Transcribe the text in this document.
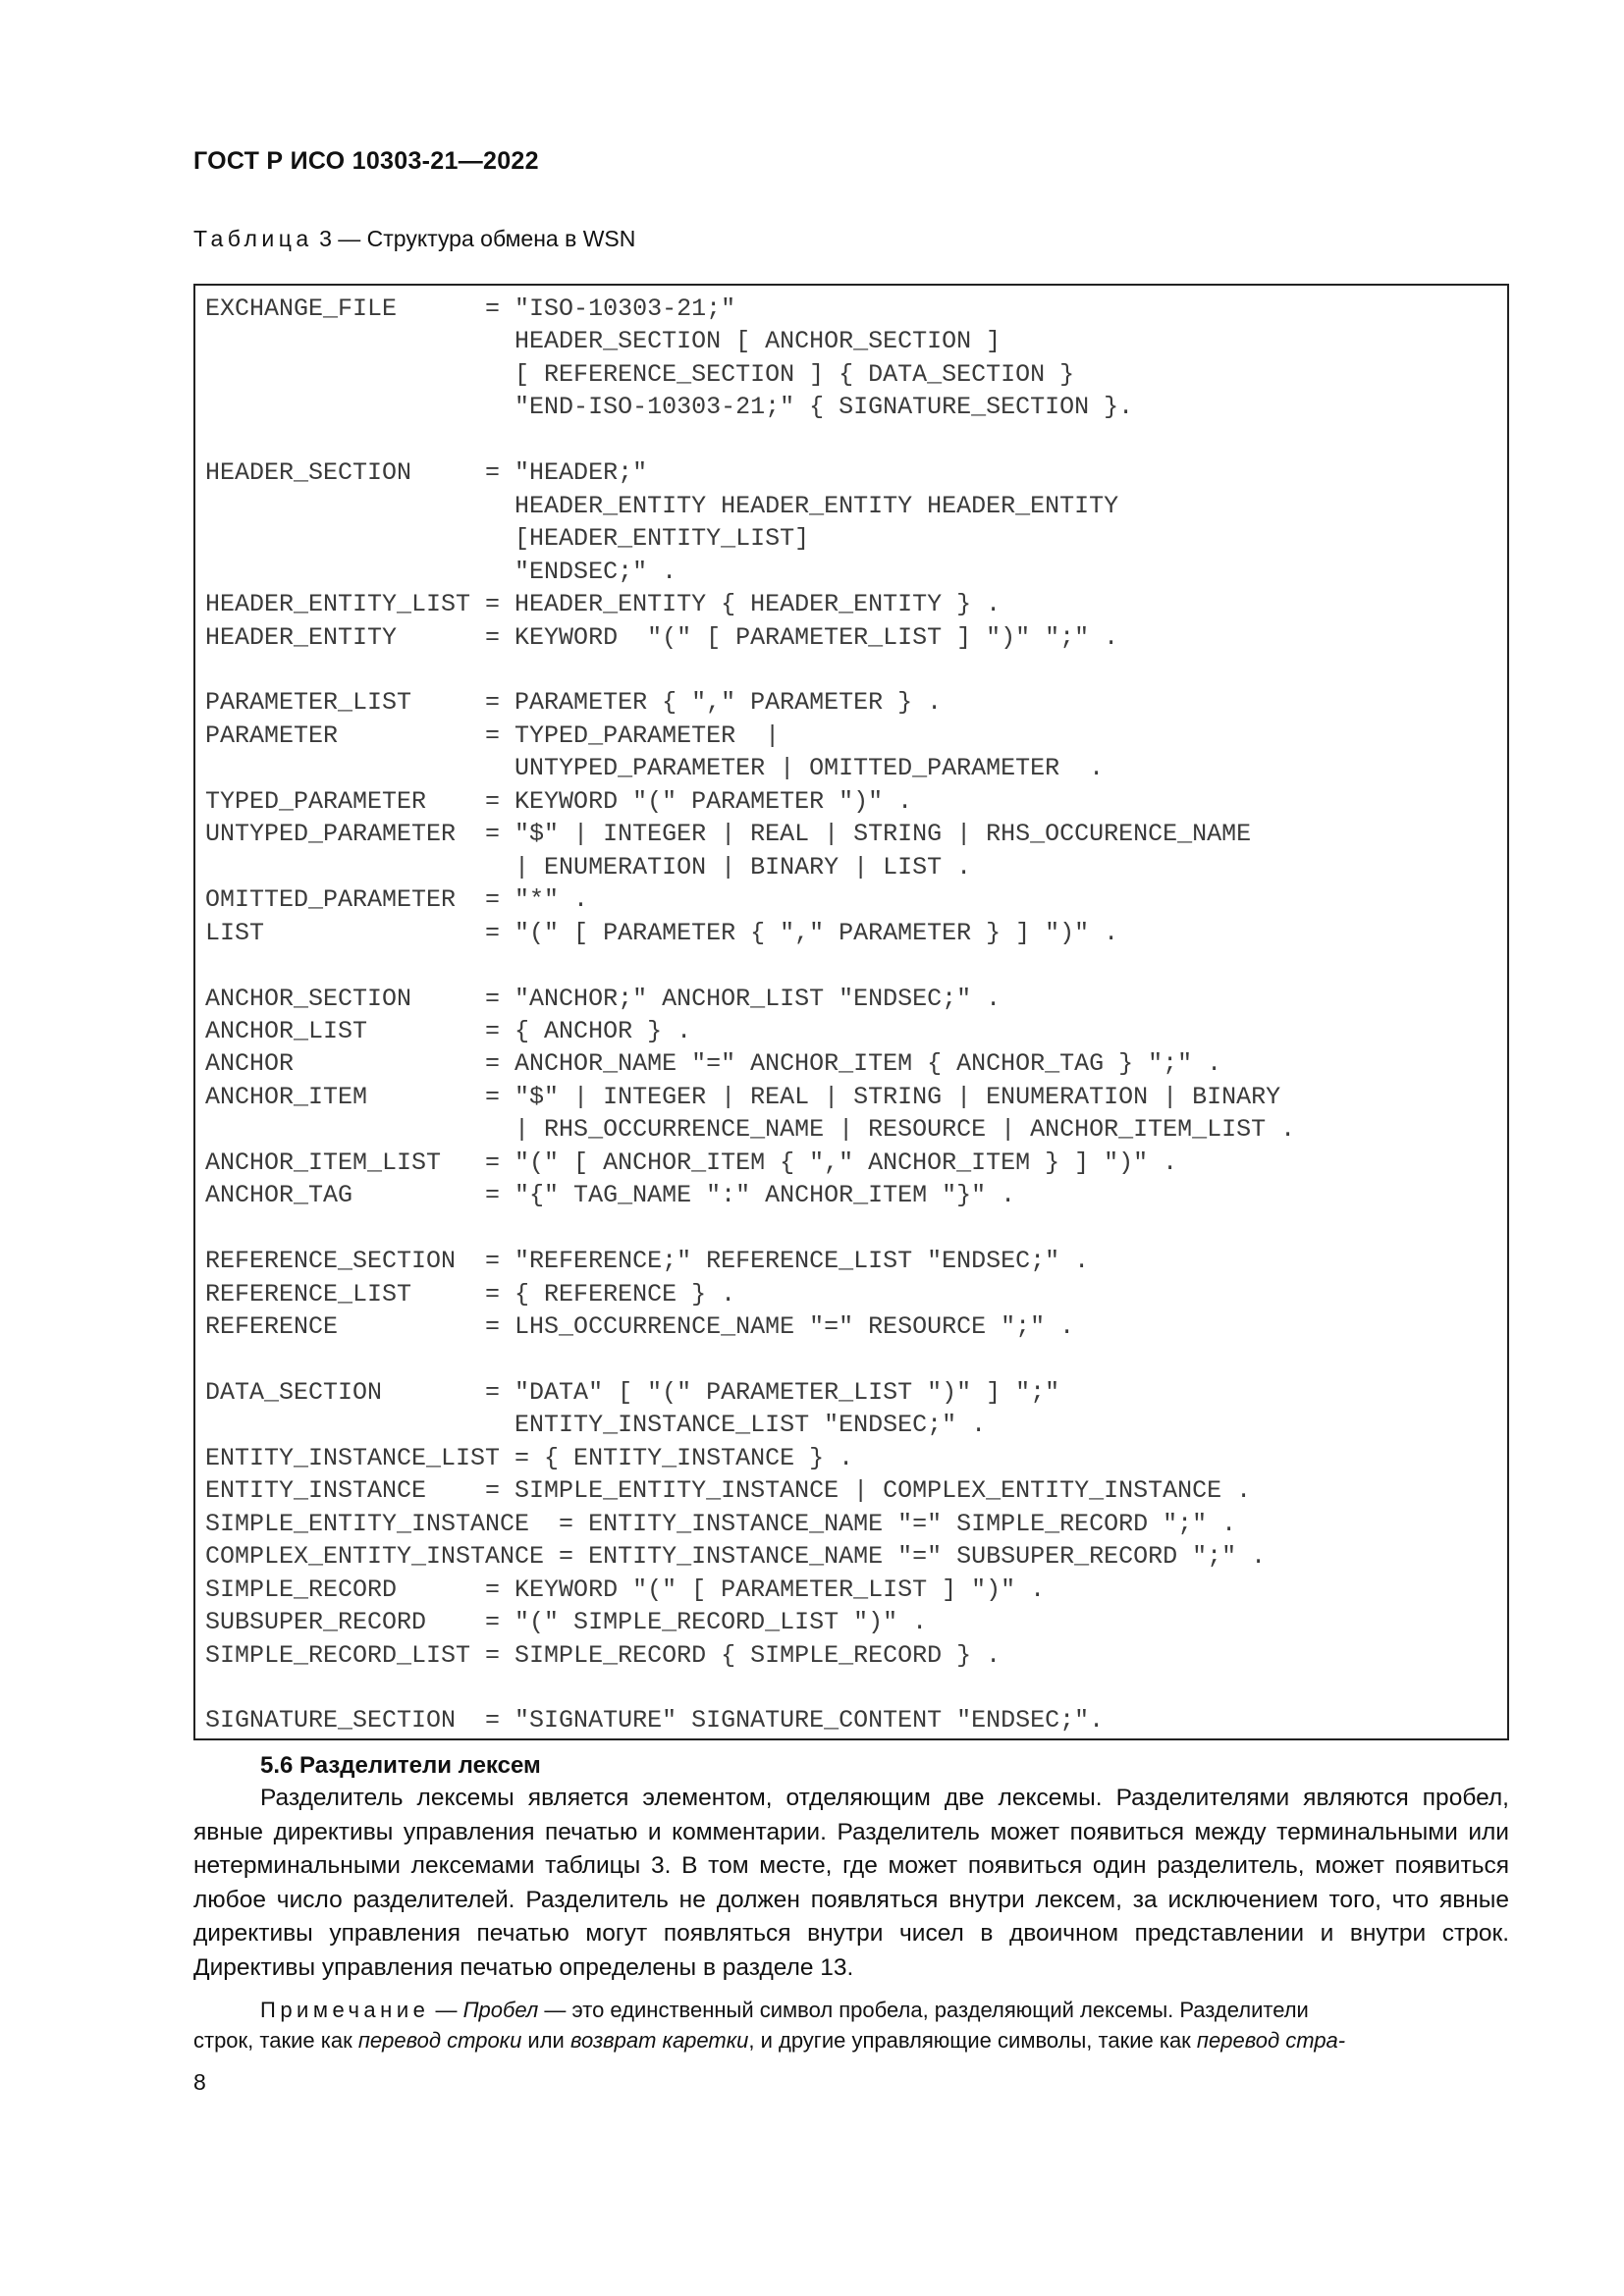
ГОСТ Р ИСО 10303-21—2022
Таблица 3 — Структура обмена в WSN
EXCHANGE_FILE      = "ISO-10303-21;"
HEADER_SECTION [ ANCHOR_SECTION ]
[ REFERENCE_SECTION ] { DATA_SECTION }
"END-ISO-10303-21;" { SIGNATURE_SECTION }.

HEADER_SECTION     = "HEADER;"
HEADER_ENTITY HEADER_ENTITY HEADER_ENTITY
[HEADER_ENTITY_LIST]
"ENDSEC;" .
HEADER_ENTITY_LIST = HEADER_ENTITY { HEADER_ENTITY } .
HEADER_ENTITY      = KEYWORD  "(" [ PARAMETER_LIST ] ")" ";" .

PARAMETER_LIST     = PARAMETER { "," PARAMETER } .
PARAMETER          = TYPED_PARAMETER  |
UNTYPED_PARAMETER | OMITTED_PARAMETER  .
TYPED_PARAMETER    = KEYWORD "(" PARAMETER ")" .
UNTYPED_PARAMETER  = "$" | INTEGER | REAL | STRING | RHS_OCCURENCE_NAME
| ENUMERATION | BINARY | LIST .
OMITTED_PARAMETER  = "*" .
LIST               = "(" [ PARAMETER { "," PARAMETER } ] ")" .

ANCHOR_SECTION     = "ANCHOR;" ANCHOR_LIST "ENDSEC;" .
ANCHOR_LIST        = { ANCHOR } .
ANCHOR             = ANCHOR_NAME "=" ANCHOR_ITEM { ANCHOR_TAG } ";" .
ANCHOR_ITEM        = "$" | INTEGER | REAL | STRING | ENUMERATION | BINARY
| RHS_OCCURRENCE_NAME | RESOURCE | ANCHOR_ITEM_LIST .
ANCHOR_ITEM_LIST   = "(" [ ANCHOR_ITEM { "," ANCHOR_ITEM } ] ")" .
ANCHOR_TAG         = "{" TAG_NAME ":" ANCHOR_ITEM "}" .

REFERENCE_SECTION  = "REFERENCE;" REFERENCE_LIST "ENDSEC;" .
REFERENCE_LIST     = { REFERENCE } .
REFERENCE          = LHS_OCCURRENCE_NAME "=" RESOURCE ";" .

DATA_SECTION       = "DATA" [ "(" PARAMETER_LIST ")" ] ";"
ENTITY_INSTANCE_LIST "ENDSEC;" .
ENTITY_INSTANCE_LIST = { ENTITY_INSTANCE } .
ENTITY_INSTANCE    = SIMPLE_ENTITY_INSTANCE | COMPLEX_ENTITY_INSTANCE .
SIMPLE_ENTITY_INSTANCE  = ENTITY_INSTANCE_NAME "=" SIMPLE_RECORD ";" .
COMPLEX_ENTITY_INSTANCE = ENTITY_INSTANCE_NAME "=" SUBSUPER_RECORD ";" .
SIMPLE_RECORD      = KEYWORD "(" [ PARAMETER_LIST ] ")" .
SUBSUPER_RECORD    = "(" SIMPLE_RECORD_LIST ")" .
SIMPLE_RECORD_LIST = SIMPLE_RECORD { SIMPLE_RECORD } .

SIGNATURE_SECTION  = "SIGNATURE" SIGNATURE_CONTENT "ENDSEC;".
5.6 Разделители лексем

Разделитель лексемы является элементом, отделяющим две лексемы. Разделителями являются пробел, явные директивы управления печатью и комментарии. Разделитель может появиться между терминальными или нетерминальными лексемами таблицы 3. В том месте, где может появиться один разделитель, может появиться любое число разделителей. Разделитель не должен появляться внутри лексем, за исключением того, что явные директивы управления печатью могут появляться внутри чисел в двоичном представлении и внутри строк. Директивы управления печатью определены в разделе 13.

Примечание — Пробел — это единственный символ пробела, разделяющий лексемы. Разделители
строк, такие как перевод строки или возврат каретки, и другие управляющие символы, такие как перевод стра-
8
